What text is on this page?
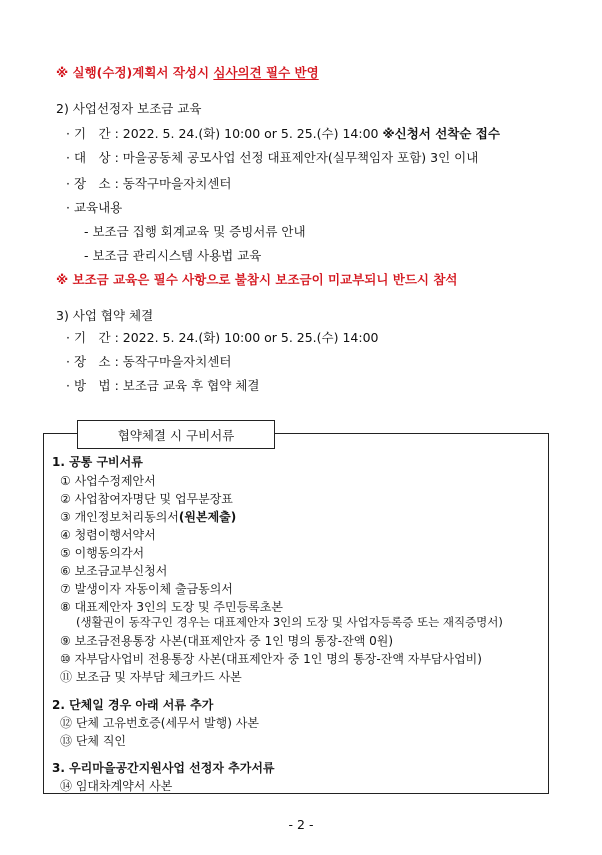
※ 실행(수정)계획서 작성시 심사의견 필수 반영
2) 사업선정자 보조금 교육
· 기　간 : 2022. 5. 24.(화) 10:00 or 5. 25.(수) 14:00 ※신청서 선착순 접수
· 대　상 : 마을공동체 공모사업 선정 대표제안자(실무책임자 포함) 3인 이내
· 장　소 : 동작구마을자치센터
· 교육내용
- 보조금 집행 회계교육 및 증빙서류 안내
- 보조금 관리시스템 사용법 교육
※ 보조금 교육은 필수 사항으로 불참시 보조금이 미교부되니 반드시 참석
3) 사업 협약 체결
· 기　간 : 2022. 5. 24.(화) 10:00 or 5. 25.(수) 14:00
· 장　소 : 동작구마을자치센터
· 방　법 : 보조금 교육 후 협약 체결
협약체결 시 구비서류
1. 공통 구비서류
① 사업수정제안서
② 사업참여자명단 및 업무분장표
③ 개인정보처리동의서(원본제출)
④ 청렴이행서약서
⑤ 이행동의각서
⑥ 보조금교부신청서
⑦ 발생이자 자동이체 출금동의서
⑧ 대표제안자 3인의 도장 및 주민등록초본
(생활권이 동작구인 경우는 대표제안자 3인의 도장 및 사업자등록증 또는 재직증명서)
⑨ 보조금전용통장 사본(대표제안자 중 1인 명의 통장-잔액 0원)
⑩ 자부담사업비 전용통장 사본(대표제안자 중 1인 명의 통장-잔액 자부담사업비)
⑪ 보조금 및 자부담 체크카드 사본
2. 단체일 경우 아래 서류 추가
⑫ 단체 고유번호증(세무서 발행) 사본
⑬ 단체 직인
3. 우리마을공간지원사업 선정자 추가서류
⑭ 임대차계약서 사본
- 2 -
